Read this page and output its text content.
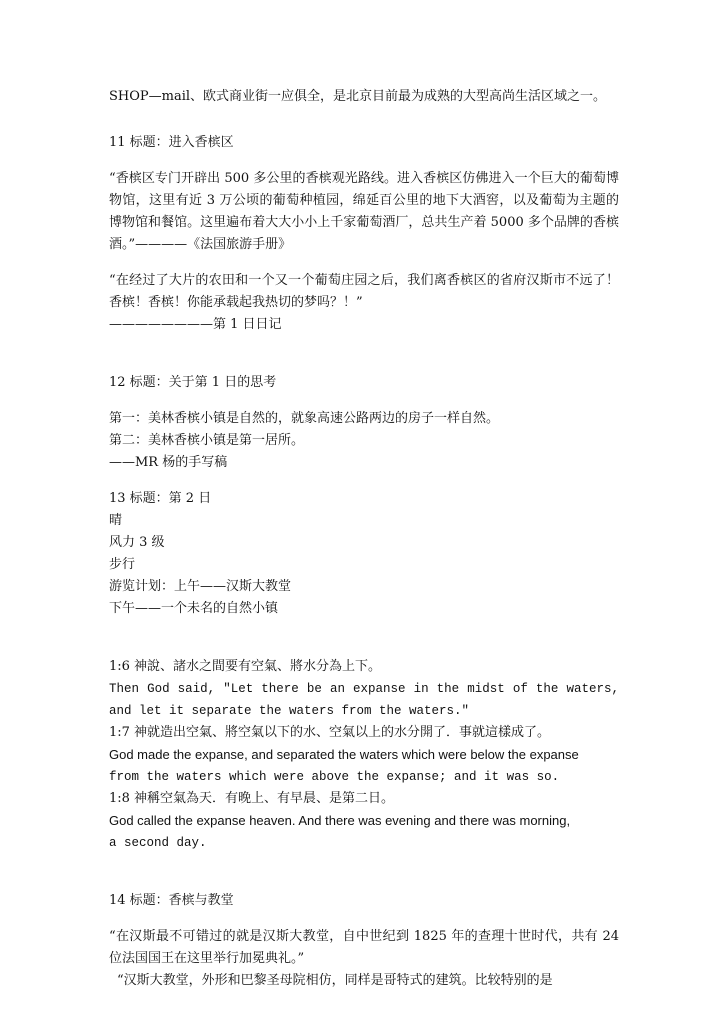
SHOP—mail、欧式商业街一应俱全，是北京目前最为成熟的大型高尚生活区域之一。

11 标题：进入香槟区

“香槟区专门开辟出 500 多公里的香槟观光路线。进入香槟区仿佛进入一个巨大的葡萄博物馆，这里有近 3 万公顷的葡萄种植园，绵延百公里的地下大酒窖，以及葡萄为主题的博物馆和餐馆。这里遍布着大大小小上千家葡萄酒厂，总共生产着 5000 多个品牌的香槟酒。”————《法国旅游手册》

“在经过了大片的农田和一个又一个葡萄庄园之后，我们离香槟区的省府汉斯市不远了！香槟！香槟！你能承载起我热切的梦吗？！”

————————第 1 日日记

12 标题：关于第 1 日的思考

第一：美林香槟小镇是自然的，就象高速公路两边的房子一样自然。

第二：美林香槟小镇是第一居所。

——MR 杨的手写稿

13 标题：第 2 日

晴

风力 3 级

步行

游览计划：上午——汉斯大教堂

下午——一个未名的自然小镇

1:6 神說、諸水之間要有空氣、將水分為上下。

Then God said, "Let there be an expanse in the midst of the waters, and let it separate the waters from the waters."

1:7 神就造出空氣、將空氣以下的水、空氣以上的水分開了．事就這樣成了。

God made the expanse, and separated the waters which were below the expanse

from the waters which were above the expanse; and it was so.

1:8 神稱空氣為天．有晚上、有早晨、是第二日。

God called the expanse heaven. And there was evening and there was morning,

a second day.

14 标题：香槟与教堂

“在汉斯最不可错过的就是汉斯大教堂，自中世纪到 1825 年的查理十世时代，共有 24 位法国国王在这里举行加冕典礼。”

“汉斯大教堂，外形和巴黎圣母院相仿，同样是哥特式的建筑。比较特别的是
